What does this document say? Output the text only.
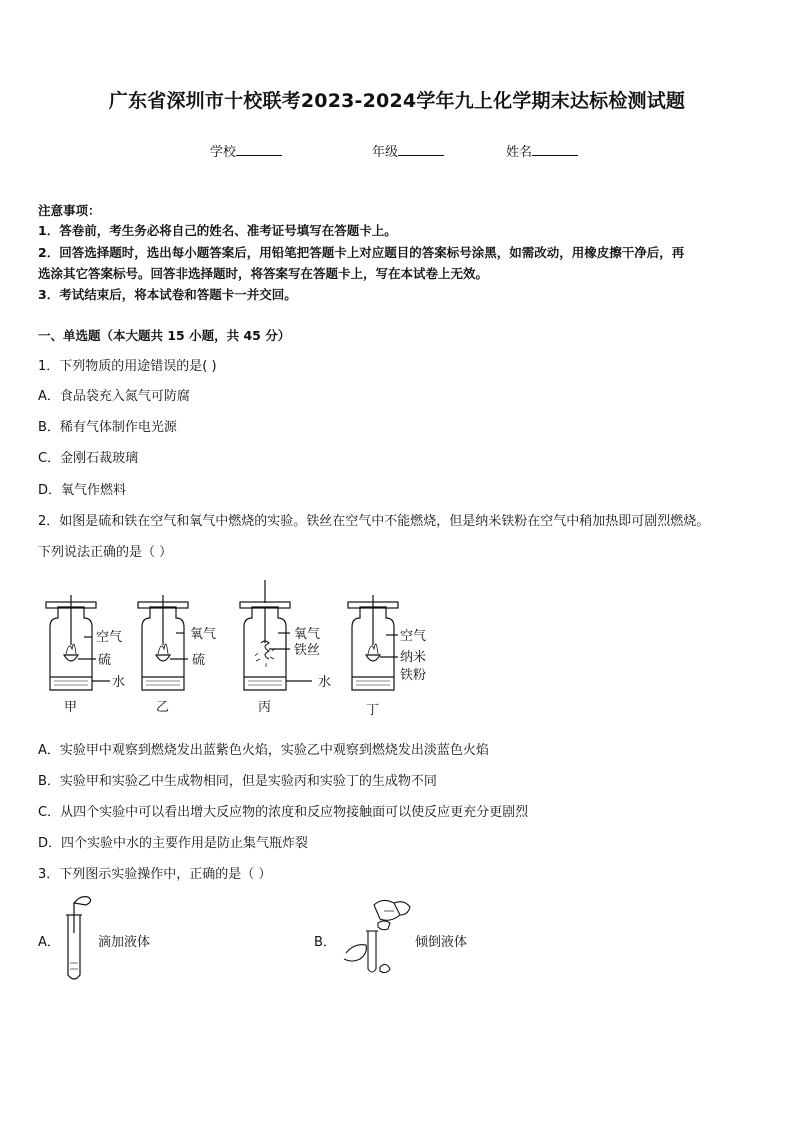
广东省深圳市十校联考2023-2024学年九上化学期末达标检测试题
学校	年级	姓名
注意事项：
1．答卷前，考生务必将自己的姓名、准考证号填写在答题卡上。
2．回答选择题时，选出每小题答案后，用铅笔把答题卡上对应题目的答案标号涂黑，如需改动，用橡皮擦干净后，再
选涂其它答案标号。回答非选择题时，将答案写在答题卡上，写在本试卷上无效。
3．考试结束后，将本试卷和答题卡一并交回。
一、单选题（本大题共 15 小题，共 45 分）
1．下列物质的用途错误的是( )
A．食品袋充入氮气可防腐
B．稀有气体制作电光源
C．金刚石裁玻璃
D．氧气作燃料
2．如图是硫和铁在空气和氧气中燃烧的实验。铁丝在空气中不能燃烧，但是纳米铁粉在空气中稍加热即可剧烈燃烧。
下列说法正确的是（ ）
空气
硫
水
氧气
硫
氧气
铁丝
水
空气
纳米
铁粉
甲	乙	丙	丁
A．实验甲中观察到燃烧发出蓝紫色火焰，实验乙中观察到燃烧发出淡蓝色火焰
B．实验甲和实验乙中生成物相同，但是实验丙和实验丁的生成物不同
C．从四个实验中可以看出增大反应物的浓度和反应物接触面可以使反应更充分更剧烈
D．四个实验中水的主要作用是防止集气瓶炸裂
3．下列图示实验操作中，正确的是（ ）
A．	滴加液体	B．	倾倒液体
